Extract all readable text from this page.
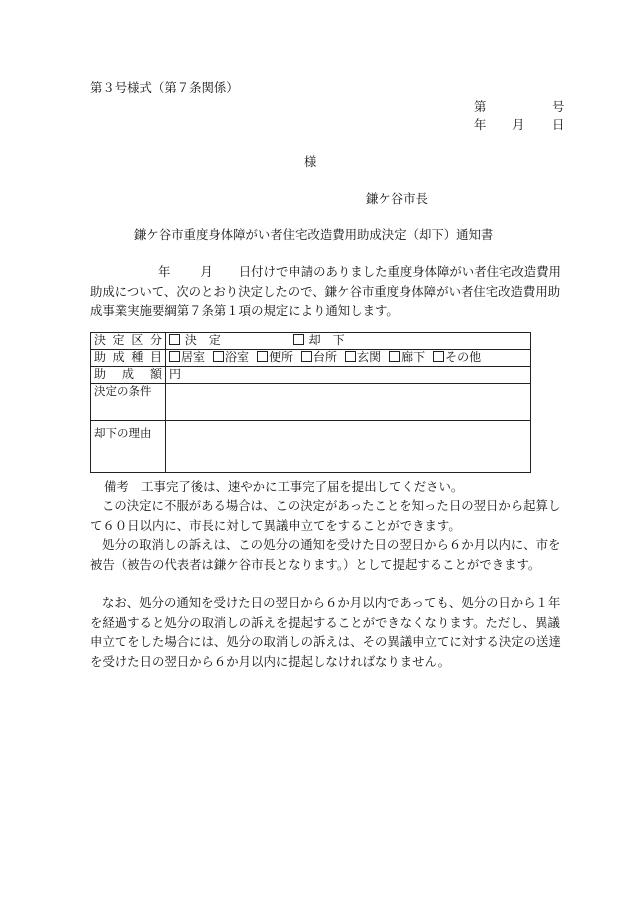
第３号様式（第７条関係）
第	号
年 月 日
様
鎌ケ谷市長
鎌ケ谷市重度身体障がい者住宅改造費用助成決定（却下）通知書
年 月 日付けで申請のありました重度身体障がい者住宅改造費用助成について、次のとおり決定したので、鎌ケ谷市重度身体障がい者住宅改造費用助成事業実施要綱第７条第１項の規定により通知します。
決定区分	決　定 却　下
助成種目	居室 浴室 便所 台所 玄関 廊下 その他
助成額	円
決定の条件	
却下の理由	
備考　工事完了後は、速やかに工事完了届を提出してください。
この決定に不服がある場合は、この決定があったことを知った日の翌日から起算して６０日以内に、市長に対して異議申立てをすることができます。
処分の取消しの訴えは、この処分の通知を受けた日の翌日から６か月以内に、市を被告（被告の代表者は鎌ケ谷市長となります。）として提起することができます。
なお、処分の通知を受けた日の翌日から６か月以内であっても、処分の日から１年を経過すると処分の取消しの訴えを提起することができなくなります。ただし、異議申立てをした場合には、処分の取消しの訴えは、その異議申立てに対する決定の送達を受けた日の翌日から６か月以内に提起しなければなりません。
